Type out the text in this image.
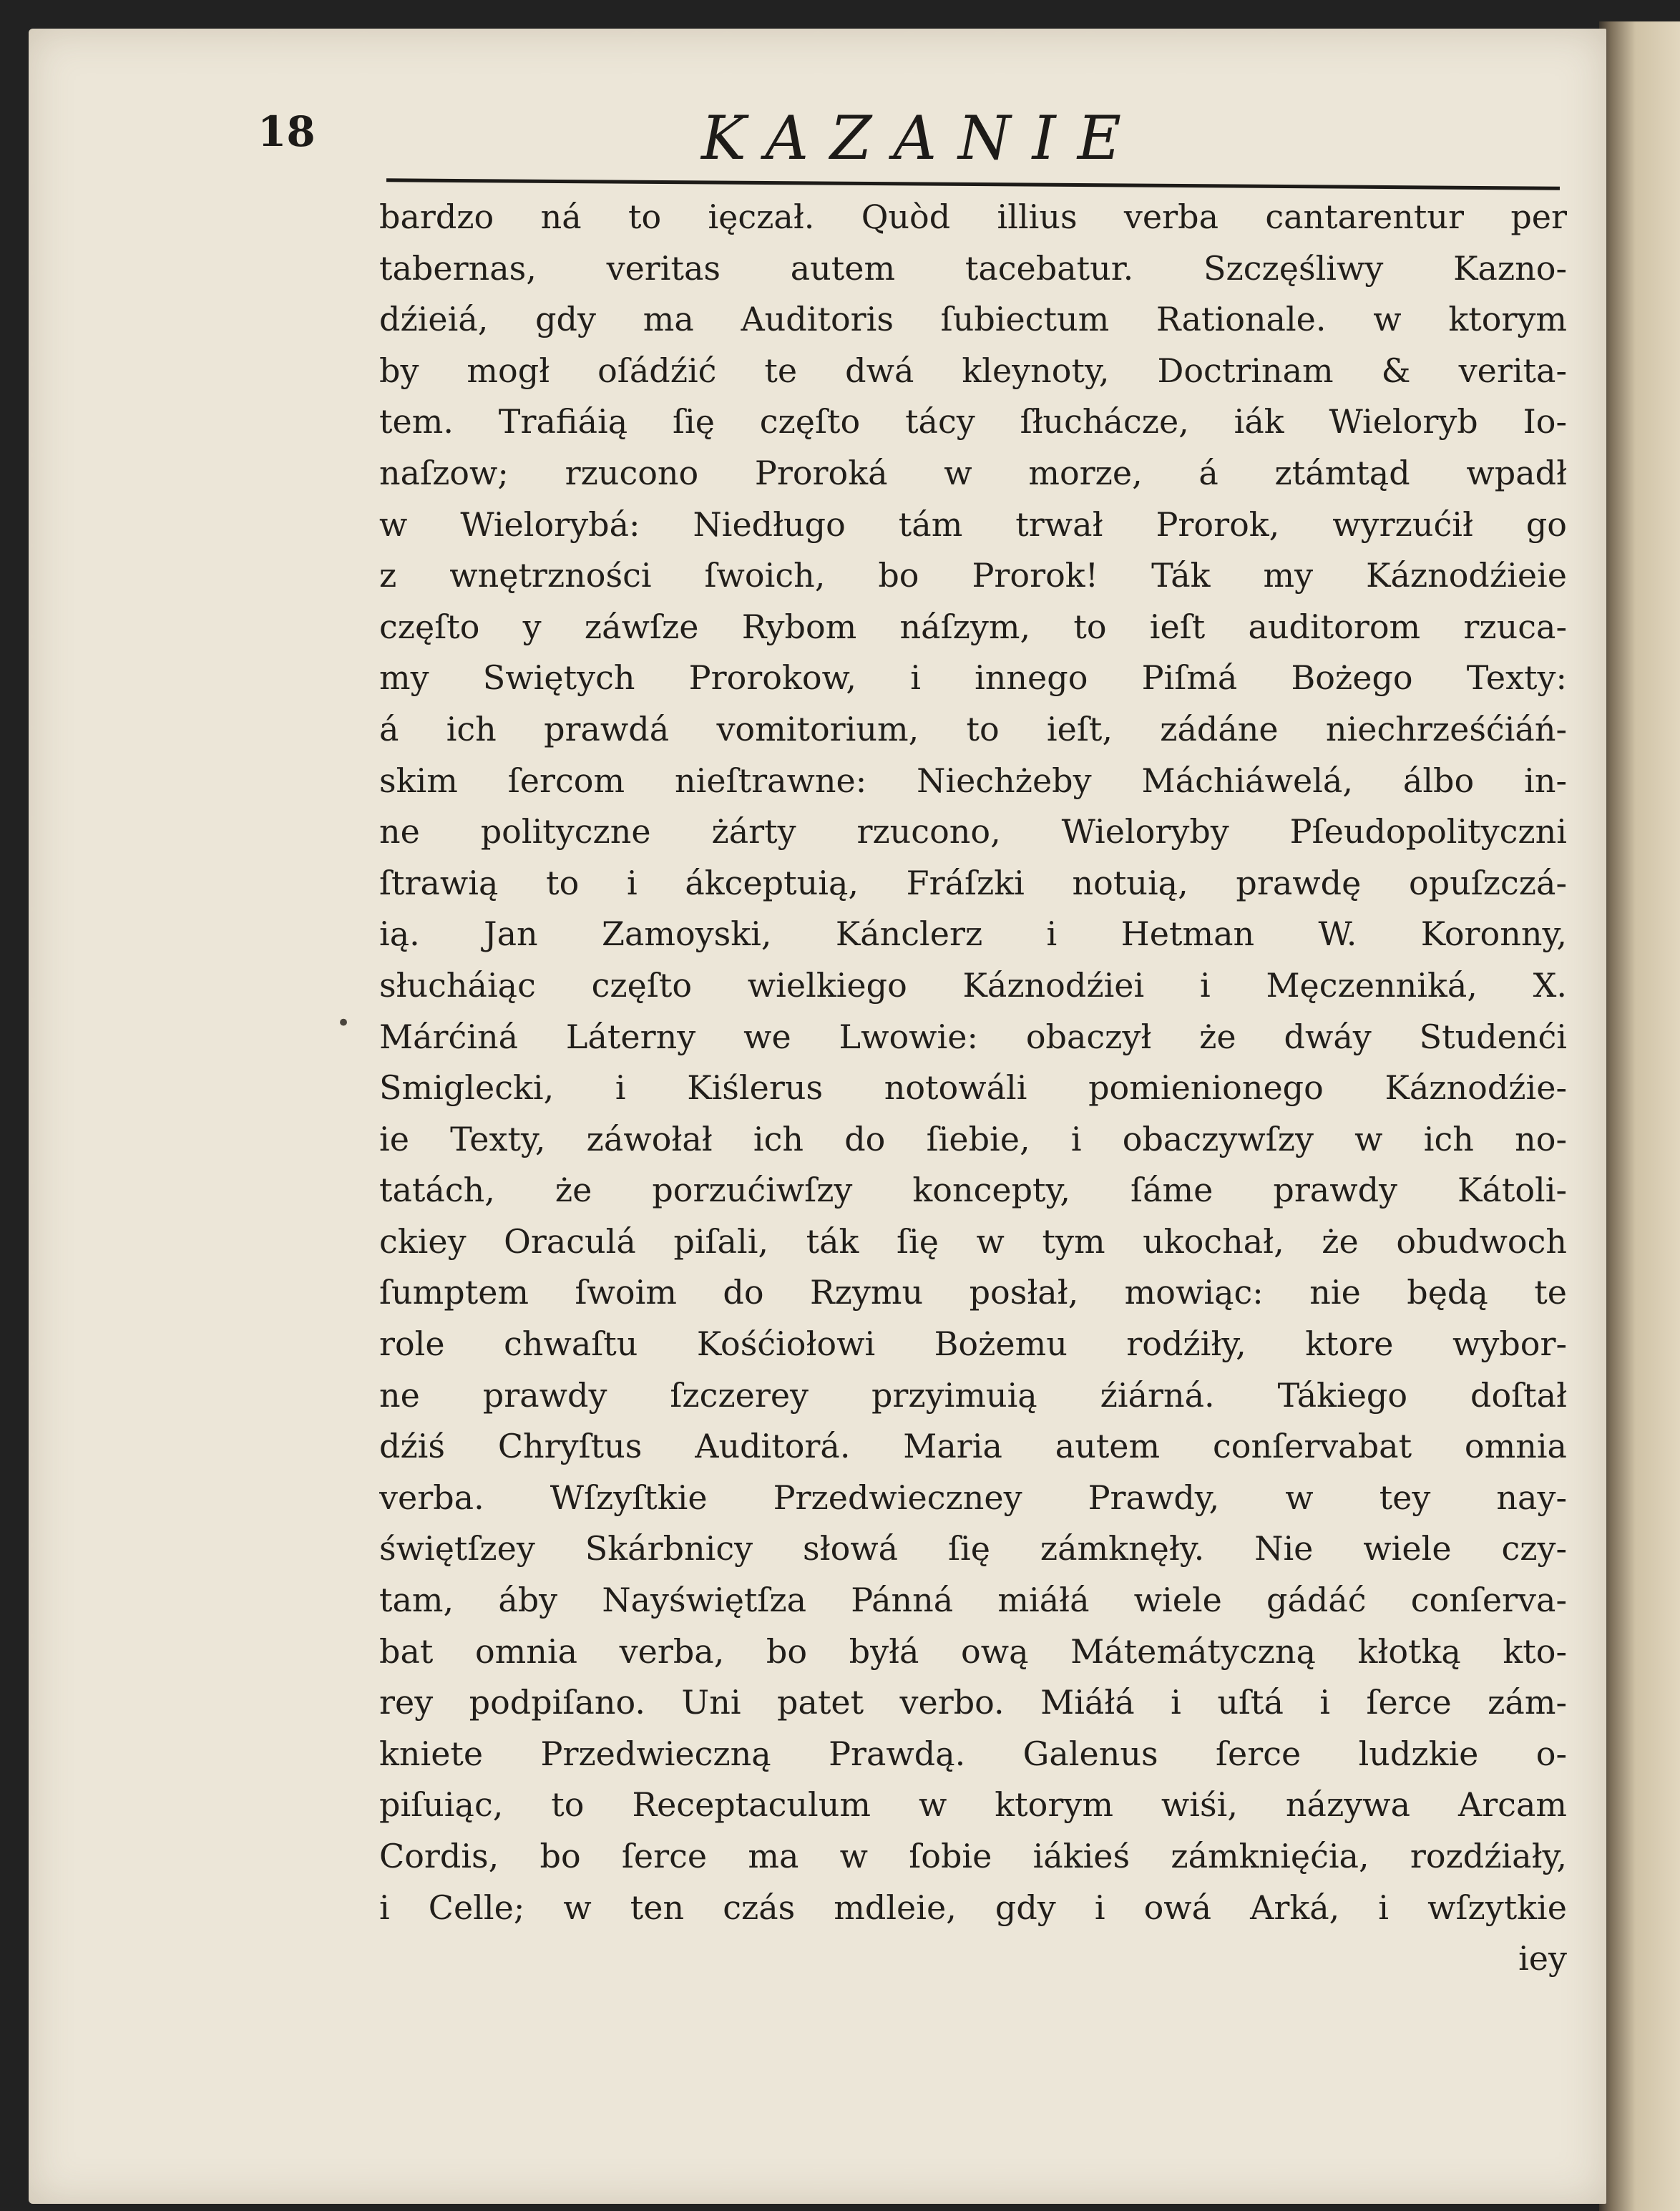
18	KAZANIE
bardzo ná to ięczał. Quòd illius verba cantarentur per
tabernas, veritas autem tacebatur. Szczęśliwy Kazno-
dźieiá, gdy ma Auditoris ſubiectum Rationale. w ktorym
by mogł oſádźić te dwá kleynoty, Doctrinam & verita-
tem. Trafiáią ſię częſto tácy ſłuchácze, iák Wieloryb Io-
naſzow; rzucono Proroká w morze, á ztámtąd wpadł
w Wielorybá: Niedługo tám trwał Prorok, wyrzućił go
z wnętrzności ſwoich, bo Prorok! Ták my Káznodźieie
częſto y záwſze Rybom náſzym, to ieſt auditorom rzuca-
my Swiętych Prorokow, i innego Piſmá Bożego Texty:
á ich prawdá vomitorium, to ieſt, zádáne niechrześćiáń-
skim ſercom nieſtrawne: Niechżeby Máchiáwelá, álbo in-
ne polityczne żárty rzucono, Wieloryby Pſeudopolityczni
ſtrawią to i ákceptuią, Fráſzki notuią, prawdę opuſzczá-
ią. Jan Zamoyski, Kánclerz i Hetman W. Koronny,
słucháiąc częſto wielkiego Káznodźiei i Męczenniká, X.
Márćiná Láterny we Lwowie: obaczył że dwáy Studenći
Smiglecki, i Kiślerus notowáli pomienionego Káznodźie-
ie Texty, záwołał ich do ſiebie, i obaczywſzy w ich no-
tatách, że porzućiwſzy koncepty, ſáme prawdy Kátoli-
ckiey Oraculá piſali, ták ſię w tym ukochał, że obudwoch
ſumptem ſwoim do Rzymu posłał, mowiąc: nie będą te
role chwaſtu Kośćiołowi Bożemu rodźiły, ktore wybor-
ne prawdy ſzczerey przyimuią źiárná. Tákiego doſtał
dźiś Chryſtus Auditorá. Maria autem conſervabat omnia
verba. Wſzyſtkie Przedwieczney Prawdy, w tey nay-
świętſzey Skárbnicy słowá ſię zámknęły. Nie wiele czy-
tam, áby Nayświętſza Pánná miáłá wiele gádáć conſerva-
bat omnia verba, bo byłá ową Mátemátyczną kłotką kto-
rey podpiſano. Uni patet verbo. Miáłá i uſtá i ſerce zám-
kniete Przedwieczną Prawdą. Galenus ſerce ludzkie o-
piſuiąc, to Receptaculum w ktorym wiśi, názywa Arcam
Cordis, bo ſerce ma w ſobie iákieś zámknięćia, rozdźiały,
i Celle; w ten czás mdleie, gdy i owá Arká, i wſzytkie
iey
•
